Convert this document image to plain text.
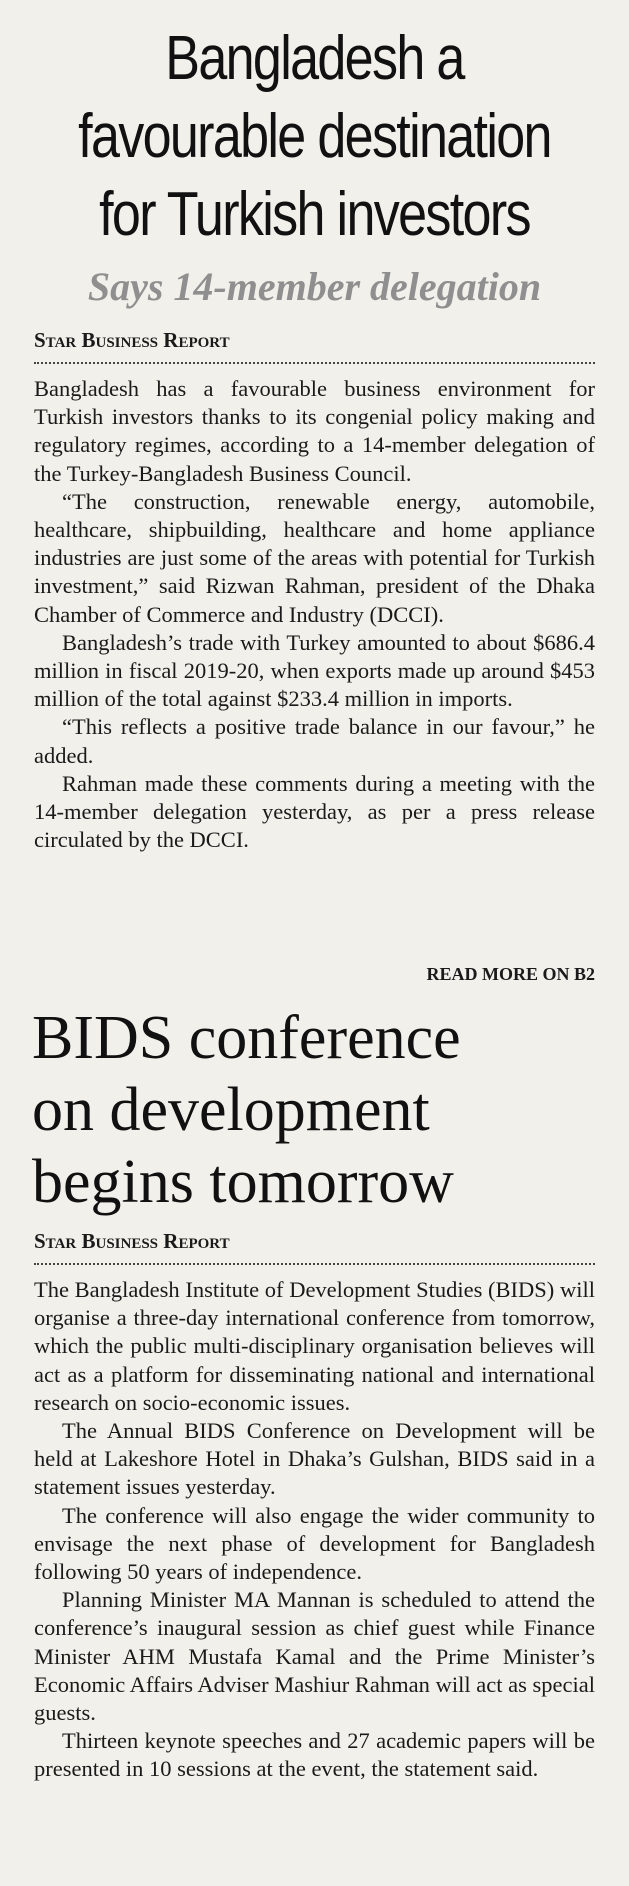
Bangladesh a
favourable destination
for Turkish investors
Says 14-member delegation
Star Business Report

Bangladesh has a favourable business environment for Turkish investors thanks to its congenial policy making and regulatory regimes, according to a 14-member delegation of the Turkey-Bangladesh Business Council.

“The construction, renewable energy, automobile, healthcare, shipbuilding, healthcare and home appliance industries are just some of the areas with potential for Turkish investment,” said Rizwan Rahman, president of the Dhaka Chamber of Commerce and Industry (DCCI).

Bangladesh’s trade with Turkey amounted to about $686.4 million in fiscal 2019-20, when exports made up around $453 million of the total against $233.4 million in imports.

“This reflects a positive trade balance in our favour,” he added.

Rahman made these comments during a meeting with the 14-member delegation yesterday, as per a press release circulated by the DCCI.

READ MORE ON B2
BIDS conference
on development
begins tomorrow
Star Business Report

The Bangladesh Institute of Development Studies (BIDS) will organise a three-day international conference from tomorrow, which the public multi-disciplinary organisation believes will act as a platform for disseminating national and international research on socio-economic issues.

The Annual BIDS Conference on Development will be held at Lakeshore Hotel in Dhaka’s Gulshan, BIDS said in a statement issues yesterday.

The conference will also engage the wider community to envisage the next phase of development for Bangladesh following 50 years of independence.

Planning Minister MA Mannan is scheduled to attend the conference’s inaugural session as chief guest while Finance Minister AHM Mustafa Kamal and the Prime Minister’s Economic Affairs Adviser Mashiur Rahman will act as special guests.

Thirteen keynote speeches and 27 academic papers will be presented in 10 sessions at the event, the statement said.
